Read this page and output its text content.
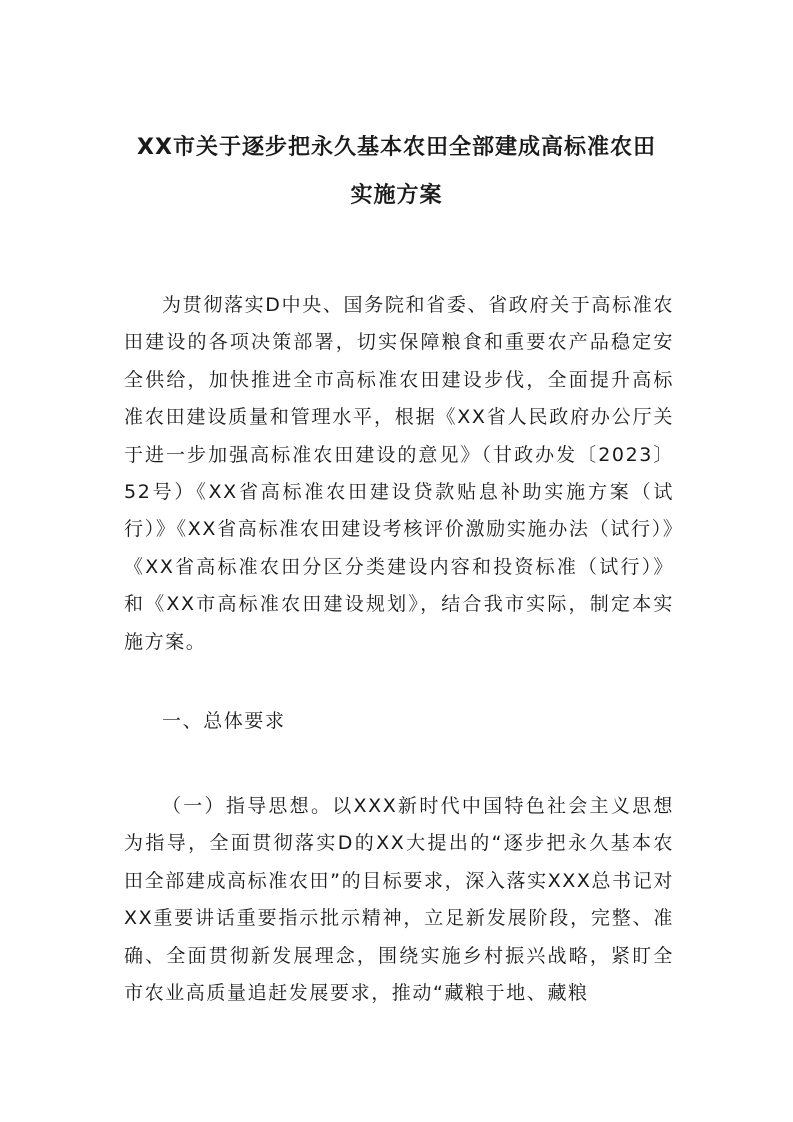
XX市关于逐步把永久基本农田全部建成高标准农田
实施方案

为贯彻落实D中央、国务院和省委、省政府关于高标准农田建设的各项决策部署，切实保障粮食和重要农产品稳定安全供给，加快推进全市高标准农田建设步伐，全面提升高标准农田建设质量和管理水平，根据《XX省人民政府办公厅关于进一步加强高标准农田建设的意见》（甘政办发〔2023〕52号）《XX省高标准农田建设贷款贴息补助实施方案（试行）》《XX省高标准农田建设考核评价激励实施办法（试行）》《XX省高标准农田分区分类建设内容和投资标准（试行）》和《XX市高标准农田建设规划》，结合我市实际，制定本实施方案。

一、总体要求

（一）指导思想。以XXX新时代中国特色社会主义思想为指导，全面贯彻落实D的XX大提出的“逐步把永久基本农田全部建成高标准农田”的目标要求，深入落实XXX总书记对XX重要讲话重要指示批示精神，立足新发展阶段，完整、准确、全面贯彻新发展理念，围绕实施乡村振兴战略，紧盯全市农业高质量追赶发展要求，推动“藏粮于地、藏粮
